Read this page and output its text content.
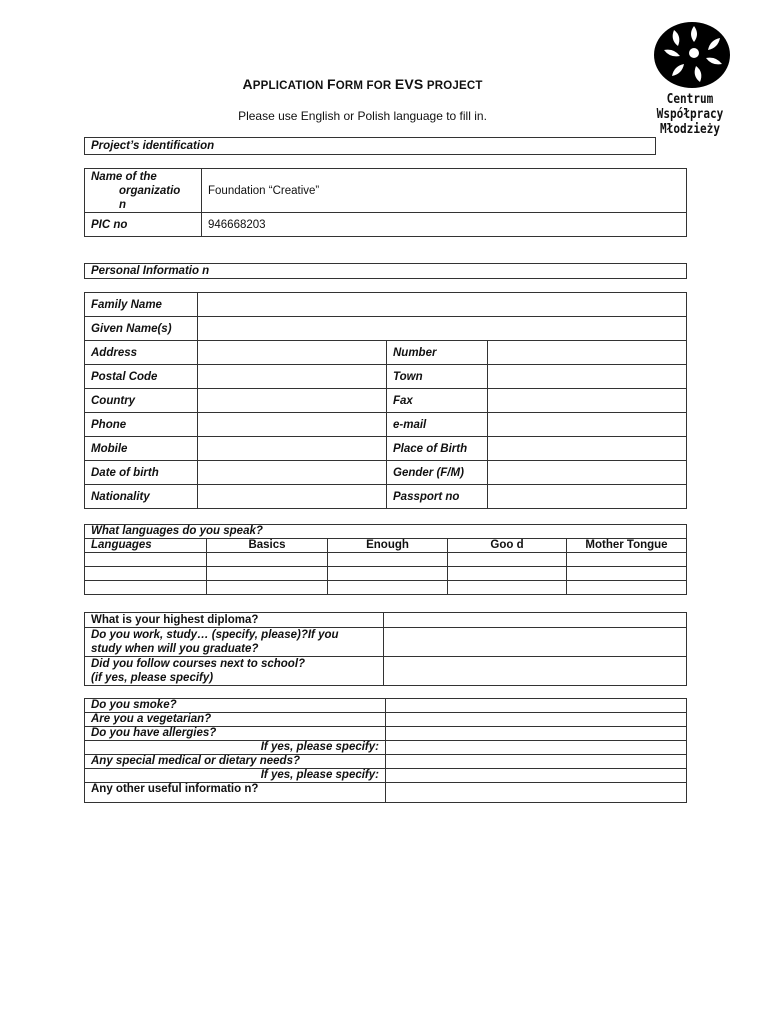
Centrum
Współpracy
Młodzieży
APPLICATION FORM FOR EVS PROJECT
Please use English or Polish language to fill in.
Project’s identification
Name of the
organizatio
n	Foundation “Creative”
PIC no	946668203
Personal Informatio n
Family Name			
Given Name(s)			
Address		Number	
Postal Code		Town	
Country		Fax	
Phone		e-mail	
Mobile		Place of Birth	
Date of birth		Gender (F/M)	
Nationality		Passport no	
What languages do you speak?				
Languages	Basics	Enough	Goo d	Mother Tongue

What is your highest diploma?	

Do you work, study… (specify, please)?If you
study when will you graduate?	

Did you follow courses next to school?
(if yes, please specify)	

Do you smoke?	
Are you a vegetarian?	
Do you have allergies?	
If yes, please specify:	
Any special medical or dietary needs?	
If yes, please specify:	
Any other useful informatio n?	
